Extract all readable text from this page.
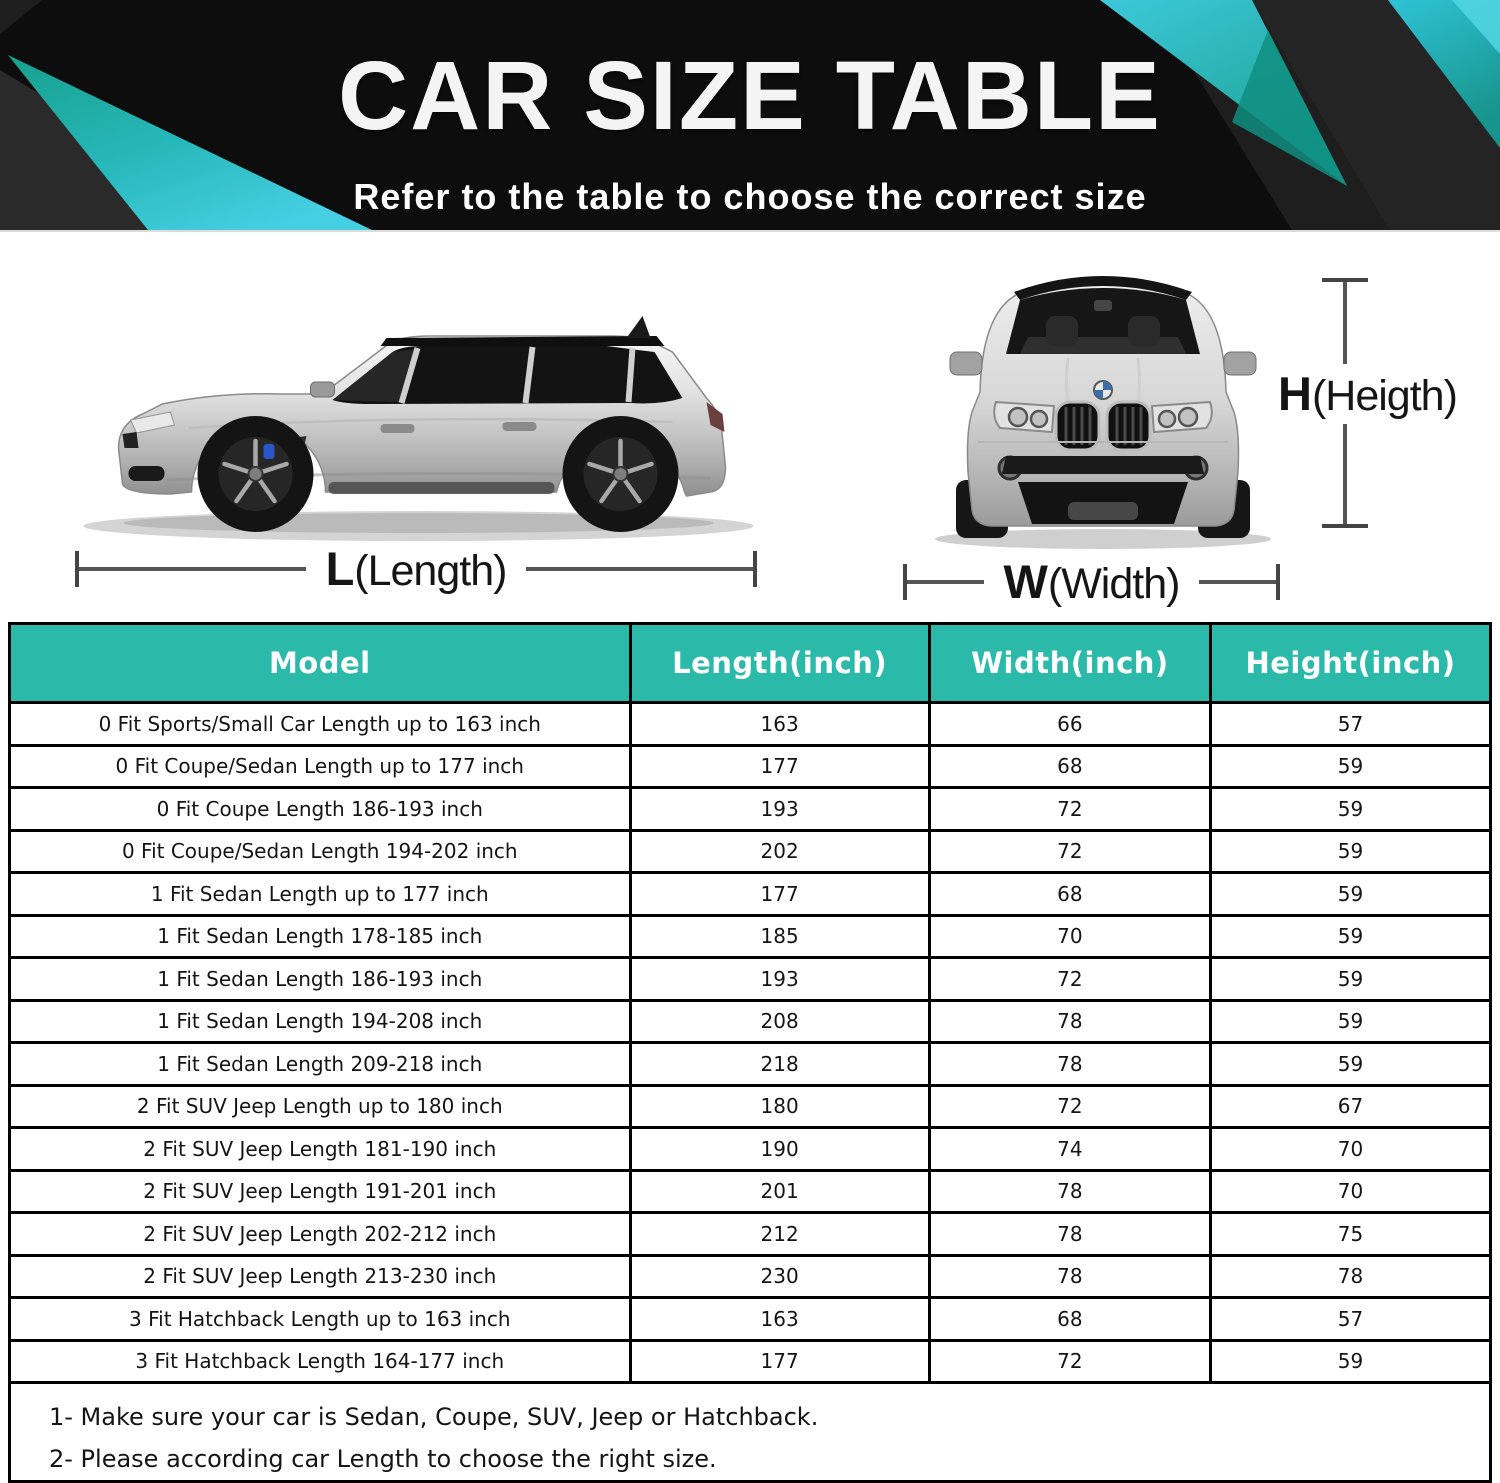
CAR SIZE TABLE
Refer to the table to choose the correct size
L(Length)	W(Width)
H(Heigth)
Model	Length(inch)	Width(inch)	Height(inch)
0 Fit Sports/Small Car Length up to 163 inch	163	66	57
0 Fit Coupe/Sedan Length up to 177 inch	177	68	59
0 Fit Coupe Length 186-193 inch	193	72	59
0 Fit Coupe/Sedan Length 194-202 inch	202	72	59
1 Fit Sedan Length up to 177 inch	177	68	59
1 Fit Sedan Length 178-185 inch	185	70	59
1 Fit Sedan Length 186-193 inch	193	72	59
1 Fit Sedan Length 194-208 inch	208	78	59
1 Fit Sedan Length 209-218 inch	218	78	59
2 Fit SUV Jeep Length up to 180 inch	180	72	67
2 Fit SUV Jeep Length 181-190 inch	190	74	70
2 Fit SUV Jeep Length 191-201 inch	201	78	70
2 Fit SUV Jeep Length 202-212 inch	212	78	75
2 Fit SUV Jeep Length 213-230 inch	230	78	78
3 Fit Hatchback Length up to 163 inch	163	68	57
3 Fit Hatchback Length 164-177 inch	177	72	59

1- Make sure your car is Sedan, Coupe, SUV, Jeep or Hatchback.
2- Please according car Length to choose the right size.			
